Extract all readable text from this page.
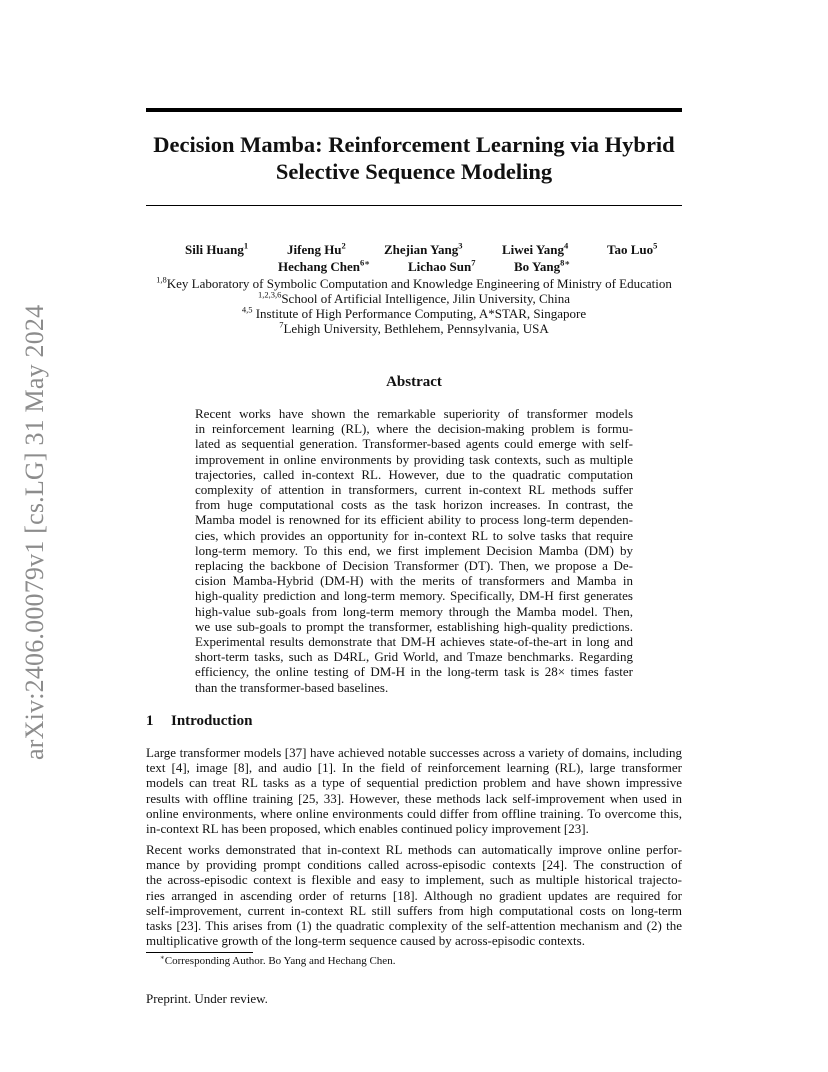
arXiv:2406.00079v1 [cs.LG] 31 May 2024
Decision Mamba: Reinforcement Learning via Hybrid
Selective Sequence Modeling
Sili Huang$^1$	Jifeng Hu$^2$	Zhejian Yang$^3$	Liwei Yang$^4$	Tao Luo$^5$
Hechang Chen$^{6∗}$	Lichao Sun$^7$	Bo Yang$^{8∗}$
$^{1,8}$Key Laboratory of Symbolic Computation and Knowledge Engineering of Ministry of Education
$^{1,2,3,6}$School of Artificial Intelligence, Jilin University, China
$^{4,5}$ Institute of High Performance Computing, A*STAR, Singapore
$^7$Lehigh University, Bethlehem, Pennsylvania, USA
Abstract
Recent works have shown the remarkable superiority of transformer models
in reinforcement learning (RL), where the decision-making problem is formu-
lated as sequential generation. Transformer-based agents could emerge with self-
improvement in online environments by providing task contexts, such as multiple
trajectories, called in-context RL. However, due to the quadratic computation
complexity of attention in transformers, current in-context RL methods suffer
from huge computational costs as the task horizon increases. In contrast, the
Mamba model is renowned for its efficient ability to process long-term dependen-
cies, which provides an opportunity for in-context RL to solve tasks that require
long-term memory. To this end, we first implement Decision Mamba (DM) by
replacing the backbone of Decision Transformer (DT). Then, we propose a De-
cision Mamba-Hybrid (DM-H) with the merits of transformers and Mamba in
high-quality prediction and long-term memory. Specifically, DM-H first generates
high-value sub-goals from long-term memory through the Mamba model. Then,
we use sub-goals to prompt the transformer, establishing high-quality predictions.
Experimental results demonstrate that DM-H achieves state-of-the-art in long and
short-term tasks, such as D4RL, Grid World, and Tmaze benchmarks. Regarding
efficiency, the online testing of DM-H in the long-term task is 28× times faster
than the transformer-based baselines.
1 Introduction
Large transformer models [37] have achieved notable successes across a variety of domains, including
text [4], image [8], and audio [1]. In the field of reinforcement learning (RL), large transformer
models can treat RL tasks as a type of sequential prediction problem and have shown impressive
results with offline training [25, 33]. However, these methods lack self-improvement when used in
online environments, where online environments could differ from offline training. To overcome this,
in-context RL has been proposed, which enables continued policy improvement [23].
Recent works demonstrated that in-context RL methods can automatically improve online perfor-
mance by providing prompt conditions called across-episodic contexts [24]. The construction of
the across-episodic context is flexible and easy to implement, such as multiple historical trajecto-
ries arranged in ascending order of returns [18]. Although no gradient updates are required for
self-improvement, current in-context RL still suffers from high computational costs on long-term
tasks [23]. This arises from (1) the quadratic complexity of the self-attention mechanism and (2) the
multiplicative growth of the long-term sequence caused by across-episodic contexts.
∗Corresponding Author. Bo Yang and Hechang Chen.
Preprint. Under review.
